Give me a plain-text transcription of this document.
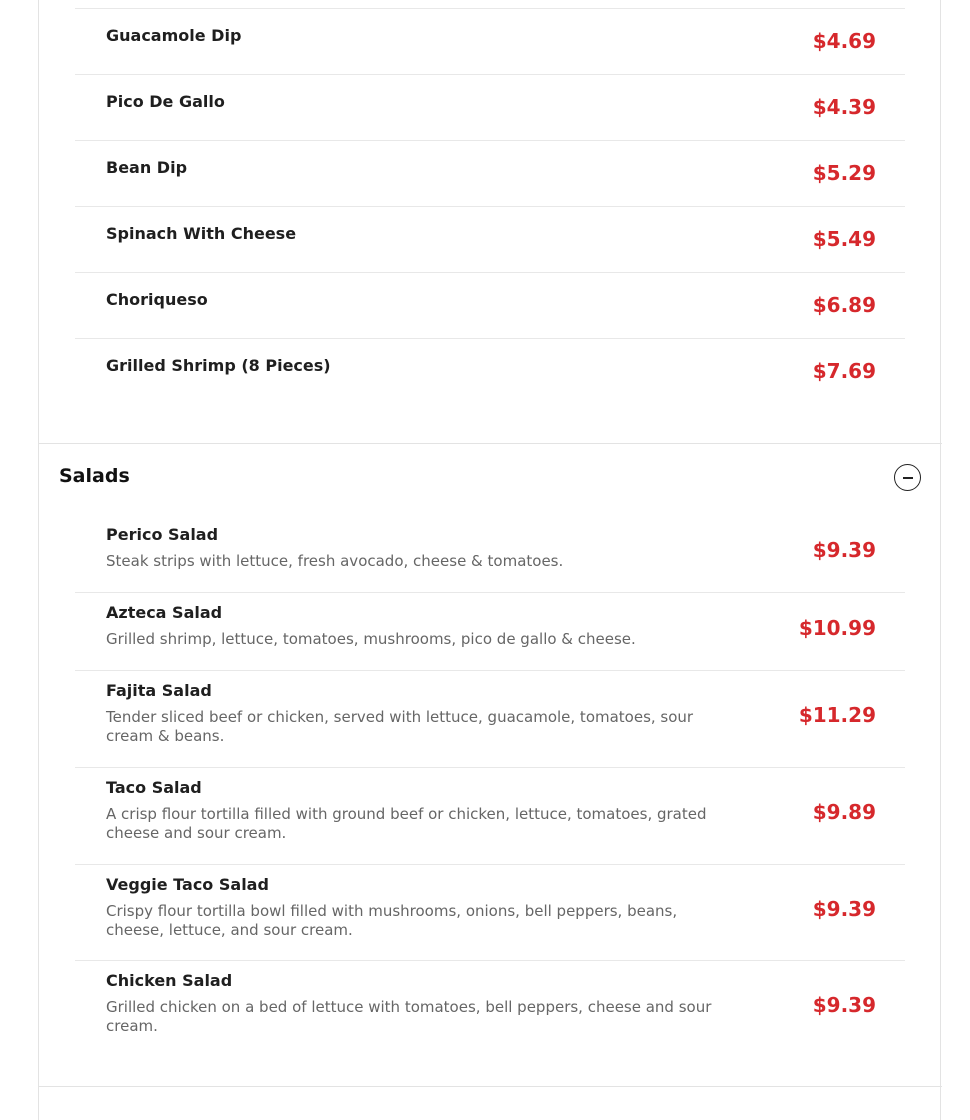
Guacamole Dip	$4.69
Pico De Gallo	$4.39
Bean Dip	$5.29
Spinach With Cheese	$5.49
Choriqueso	$6.89
Grilled Shrimp (8 Pieces)	$7.69
Salads
Perico Salad
Steak strips with lettuce, fresh avocado, cheese & tomatoes.	$9.39
Azteca Salad
Grilled shrimp, lettuce, tomatoes, mushrooms, pico de gallo & cheese.	$10.99
Fajita Salad
Tender sliced beef or chicken, served with lettuce, guacamole, tomatoes, sour cream & beans.
$11.29
Taco Salad
A crisp flour tortilla filled with ground beef or chicken, lettuce, tomatoes, grated cheese and sour cream.
$9.89
Veggie Taco Salad
Crispy flour tortilla bowl filled with mushrooms, onions, bell peppers, beans, cheese, lettuce, and sour cream.
$9.39
Chicken Salad
Grilled chicken on a bed of lettuce with tomatoes, bell peppers, cheese and sour cream.
$9.39
